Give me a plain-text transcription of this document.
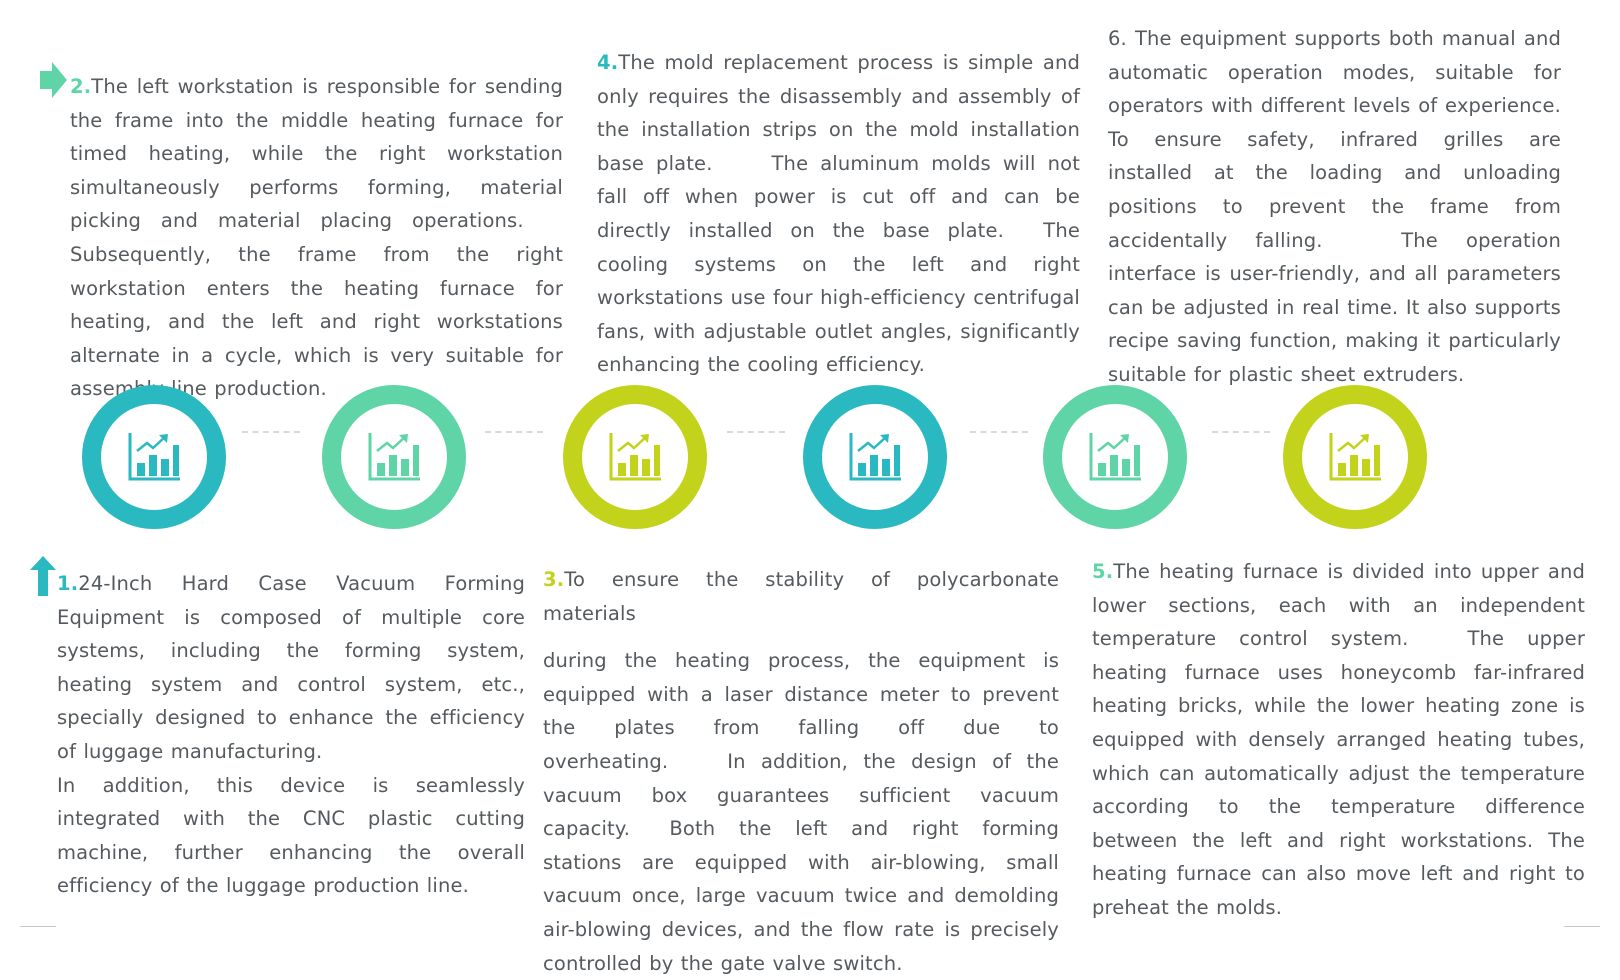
2.The left workstation is responsible for sending the frame into the middle heating furnace for timed heating, while the right workstation simultaneously performs forming, material picking and material placing operations.  Subsequently, the frame from the right workstation enters the heating furnace for heating, and the left and right workstations alternate in a cycle, which is very suitable for assembly line production.
4.The mold replacement process is simple and only requires the disassembly and assembly of the installation strips on the mold installation base plate.   The aluminum molds will not fall off when power is cut off and can be directly installed on the base plate.  The cooling systems on the left and right workstations use four high-efficiency centrifugal fans, with adjustable outlet angles, significantly enhancing the cooling efficiency.
6. The equipment supports both manual and automatic operation modes, suitable for operators with different levels of experience. To ensure safety, infrared grilles are installed at the loading and unloading positions to prevent the frame from accidentally falling.    The operation interface is user-friendly, and all parameters can be adjusted in real time. It also supports recipe saving function, making it particularly suitable for plastic sheet extruders.
1.24-Inch Hard Case Vacuum Forming Equipment is composed of multiple core systems, including the forming system, heating system and control system, etc., specially designed to enhance the efficiency of luggage manufacturing.
In addition, this device is seamlessly integrated with the CNC plastic cutting machine, further enhancing the overall efficiency of the luggage production line.
3.To ensure the stability of polycarbonate materials
during the heating process, the equipment is equipped with a laser distance meter to prevent the plates from falling off due to overheating.   In addition, the design of the vacuum box guarantees sufficient vacuum capacity.  Both the left and right forming stations are equipped with air-blowing, small vacuum once, large vacuum twice and demolding air-blowing devices, and the flow rate is precisely controlled by the gate valve switch.
5.The heating furnace is divided into upper and lower sections, each with an independent temperature control system.   The upper heating furnace uses honeycomb far-infrared heating bricks, while the lower heating zone is equipped with densely arranged heating tubes, which can automatically adjust the temperature according to the temperature difference between the left and right workstations. The heating furnace can also move left and right to preheat the molds.
